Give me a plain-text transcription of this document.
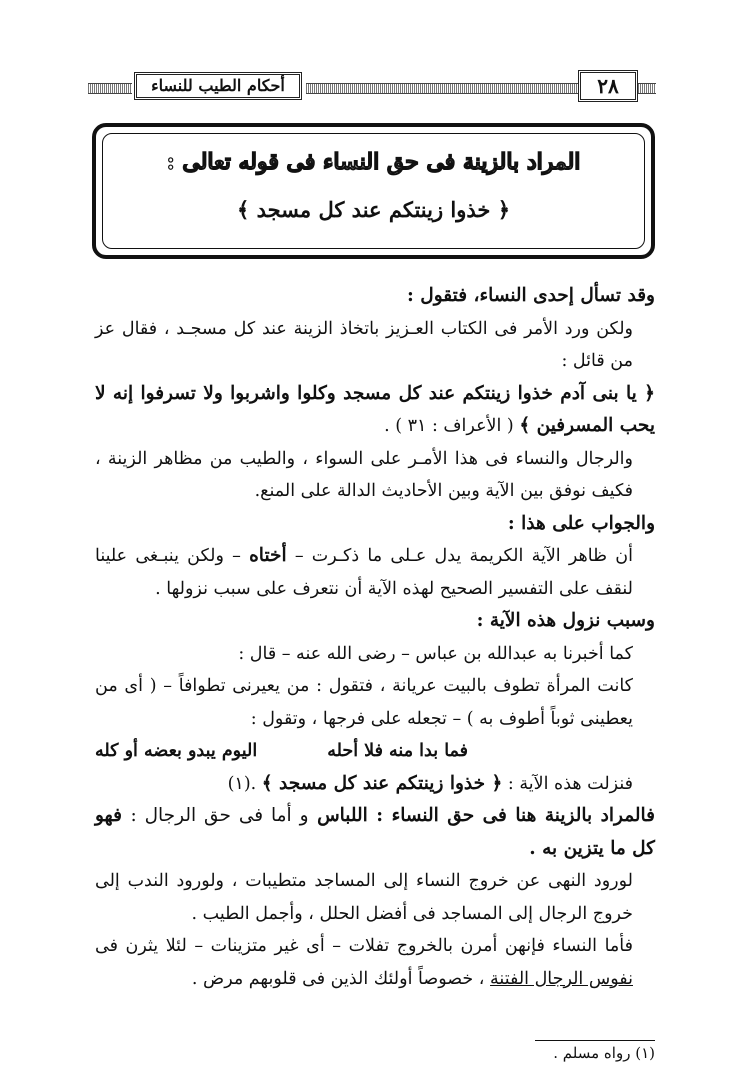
أحكام الطيب للنساء	٢٨
المراد بالزينة فى حق النساء فى قوله تعالى :
﴿ خذوا زينتكم عند كل مسجد ﴾

وقد تسأل إحدى النساء، فتقول :

ولكن ورد الأمر فى الكتاب العـزيز باتخاذ الزينة عند كل مسجـد ، فقال عز من قائل :

﴿ يا بنى آدم خذوا زينتكم عند كل مسجد وكلوا واشربوا ولا تسرفوا إنه لا يحب المسرفين ﴾ ( الأعراف : ٣١ ) .

والرجال والنساء فى هذا الأمـر على السواء ، والطيب من مظاهر الزينة ، فكيف نوفق بين الآية وبين الأحاديث الدالة على المنع.

والجواب على هذا :

أن ظاهر الآية الكريمة يدل عـلى ما ذكـرت – أختاه – ولكن ينبـغى علينا لنقف على التفسير الصحيح لهذه الآية أن نتعرف على سبب نزولها .

وسبب نزول هذه الآية :

كما أخبرنا به عبدالله بن عباس – رضى الله عنه – قال :

كانت المرأة تطوف بالبيت عريانة ، فتقول : من يعيرنى تطوافاً – ( أى من يعطينى ثوباً أطوف به ) – تجعله على فرجها ، وتقول :

اليوم يبدو بعضه أو كله	فما بدا منه فلا أحله

فنزلت هذه الآية : ﴿ خذوا زينتكم عند كل مسجد ﴾ .(١)

فالمراد بالزينة هنا فى حق النساء : اللباس و أما فى حق الرجال : فهو كل ما يتزين به .

لورود النهى عن خروج النساء إلى المساجد متطيبات ، ولورود الندب إلى خروج الرجال إلى المساجد فى أفضل الحلل ، وأجمل الطيب .

فأما النساء فإنهن أمرن بالخروج تفلات – أى غير متزينات – لئلا يثرن فى نفوس الرجال الفتنة ، خصوصاً أولئك الذين فى قلوبهم مرض .

(١) رواه مسلم .
